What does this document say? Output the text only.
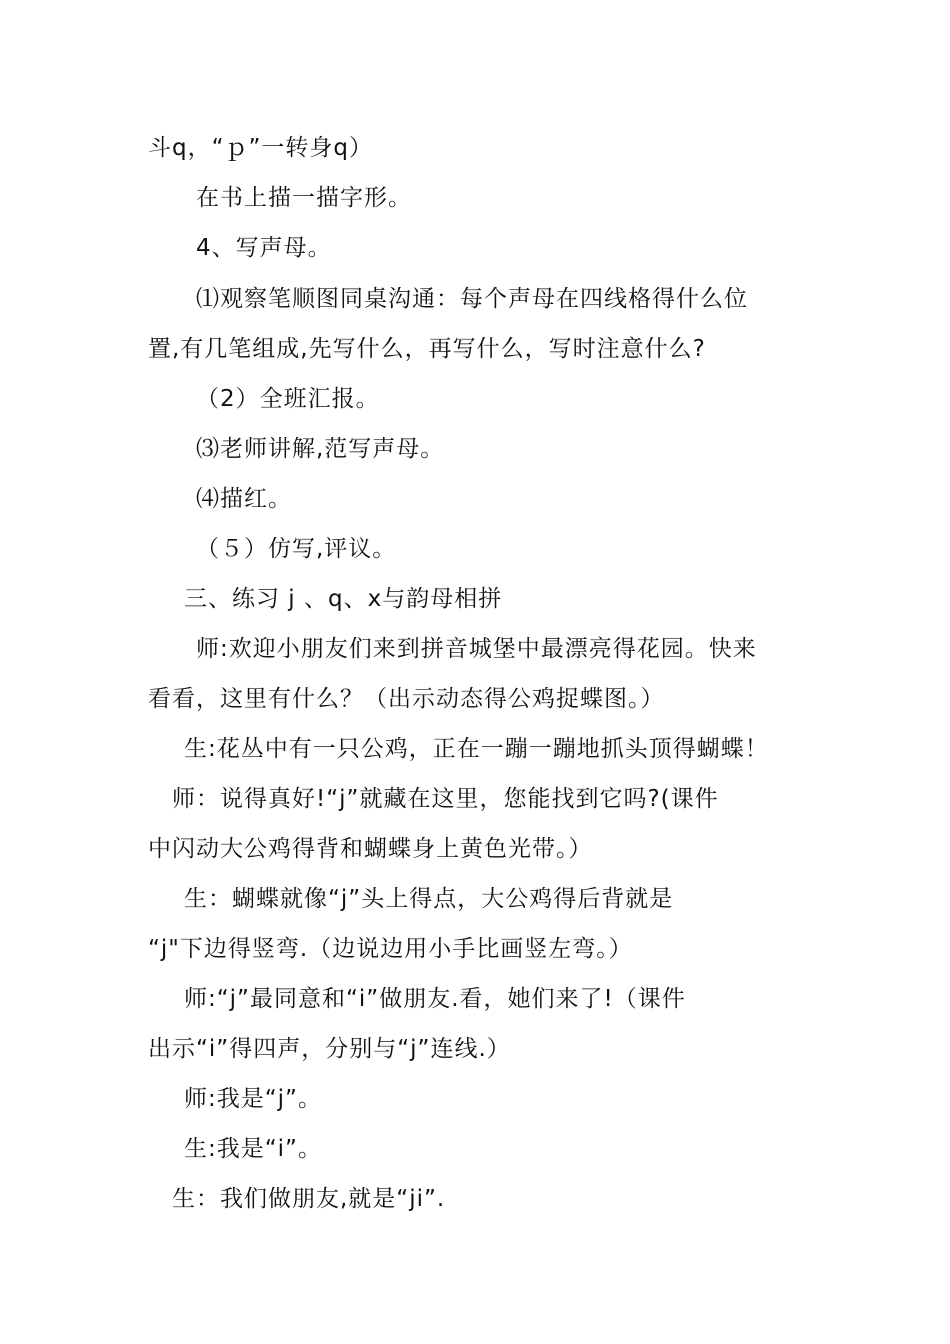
斗q，“ｐ”一转身q）
在书上描一描字形。
4、写声母。
⑴观察笔顺图同桌沟通：每个声母在四线格得什么位
置,有几笔组成,先写什么，再写什么，写时注意什么?
（2）全班汇报。
⑶老师讲解,范写声母。
⑷描红。
（５）仿写,评议。
三、练习 j 、q、x与韵母相拼
师:欢迎小朋友们来到拼音城堡中最漂亮得花园。快来
看看，这里有什么？（出示动态得公鸡捉蝶图。）
生:花丛中有一只公鸡，正在一蹦一蹦地抓头顶得蝴蝶！
师：说得真好!“j”就藏在这里，您能找到它吗?(课件
中闪动大公鸡得背和蝴蝶身上黄色光带。）
生：蝴蝶就像“j”头上得点，大公鸡得后背就是
“j"下边得竖弯.（边说边用小手比画竖左弯。）
师:“j”最同意和“i”做朋友.看，她们来了!（课件
出示“i”得四声，分别与“j”连线.）
师:我是“j”。
生:我是“i”。
生：我们做朋友,就是“ji”.
